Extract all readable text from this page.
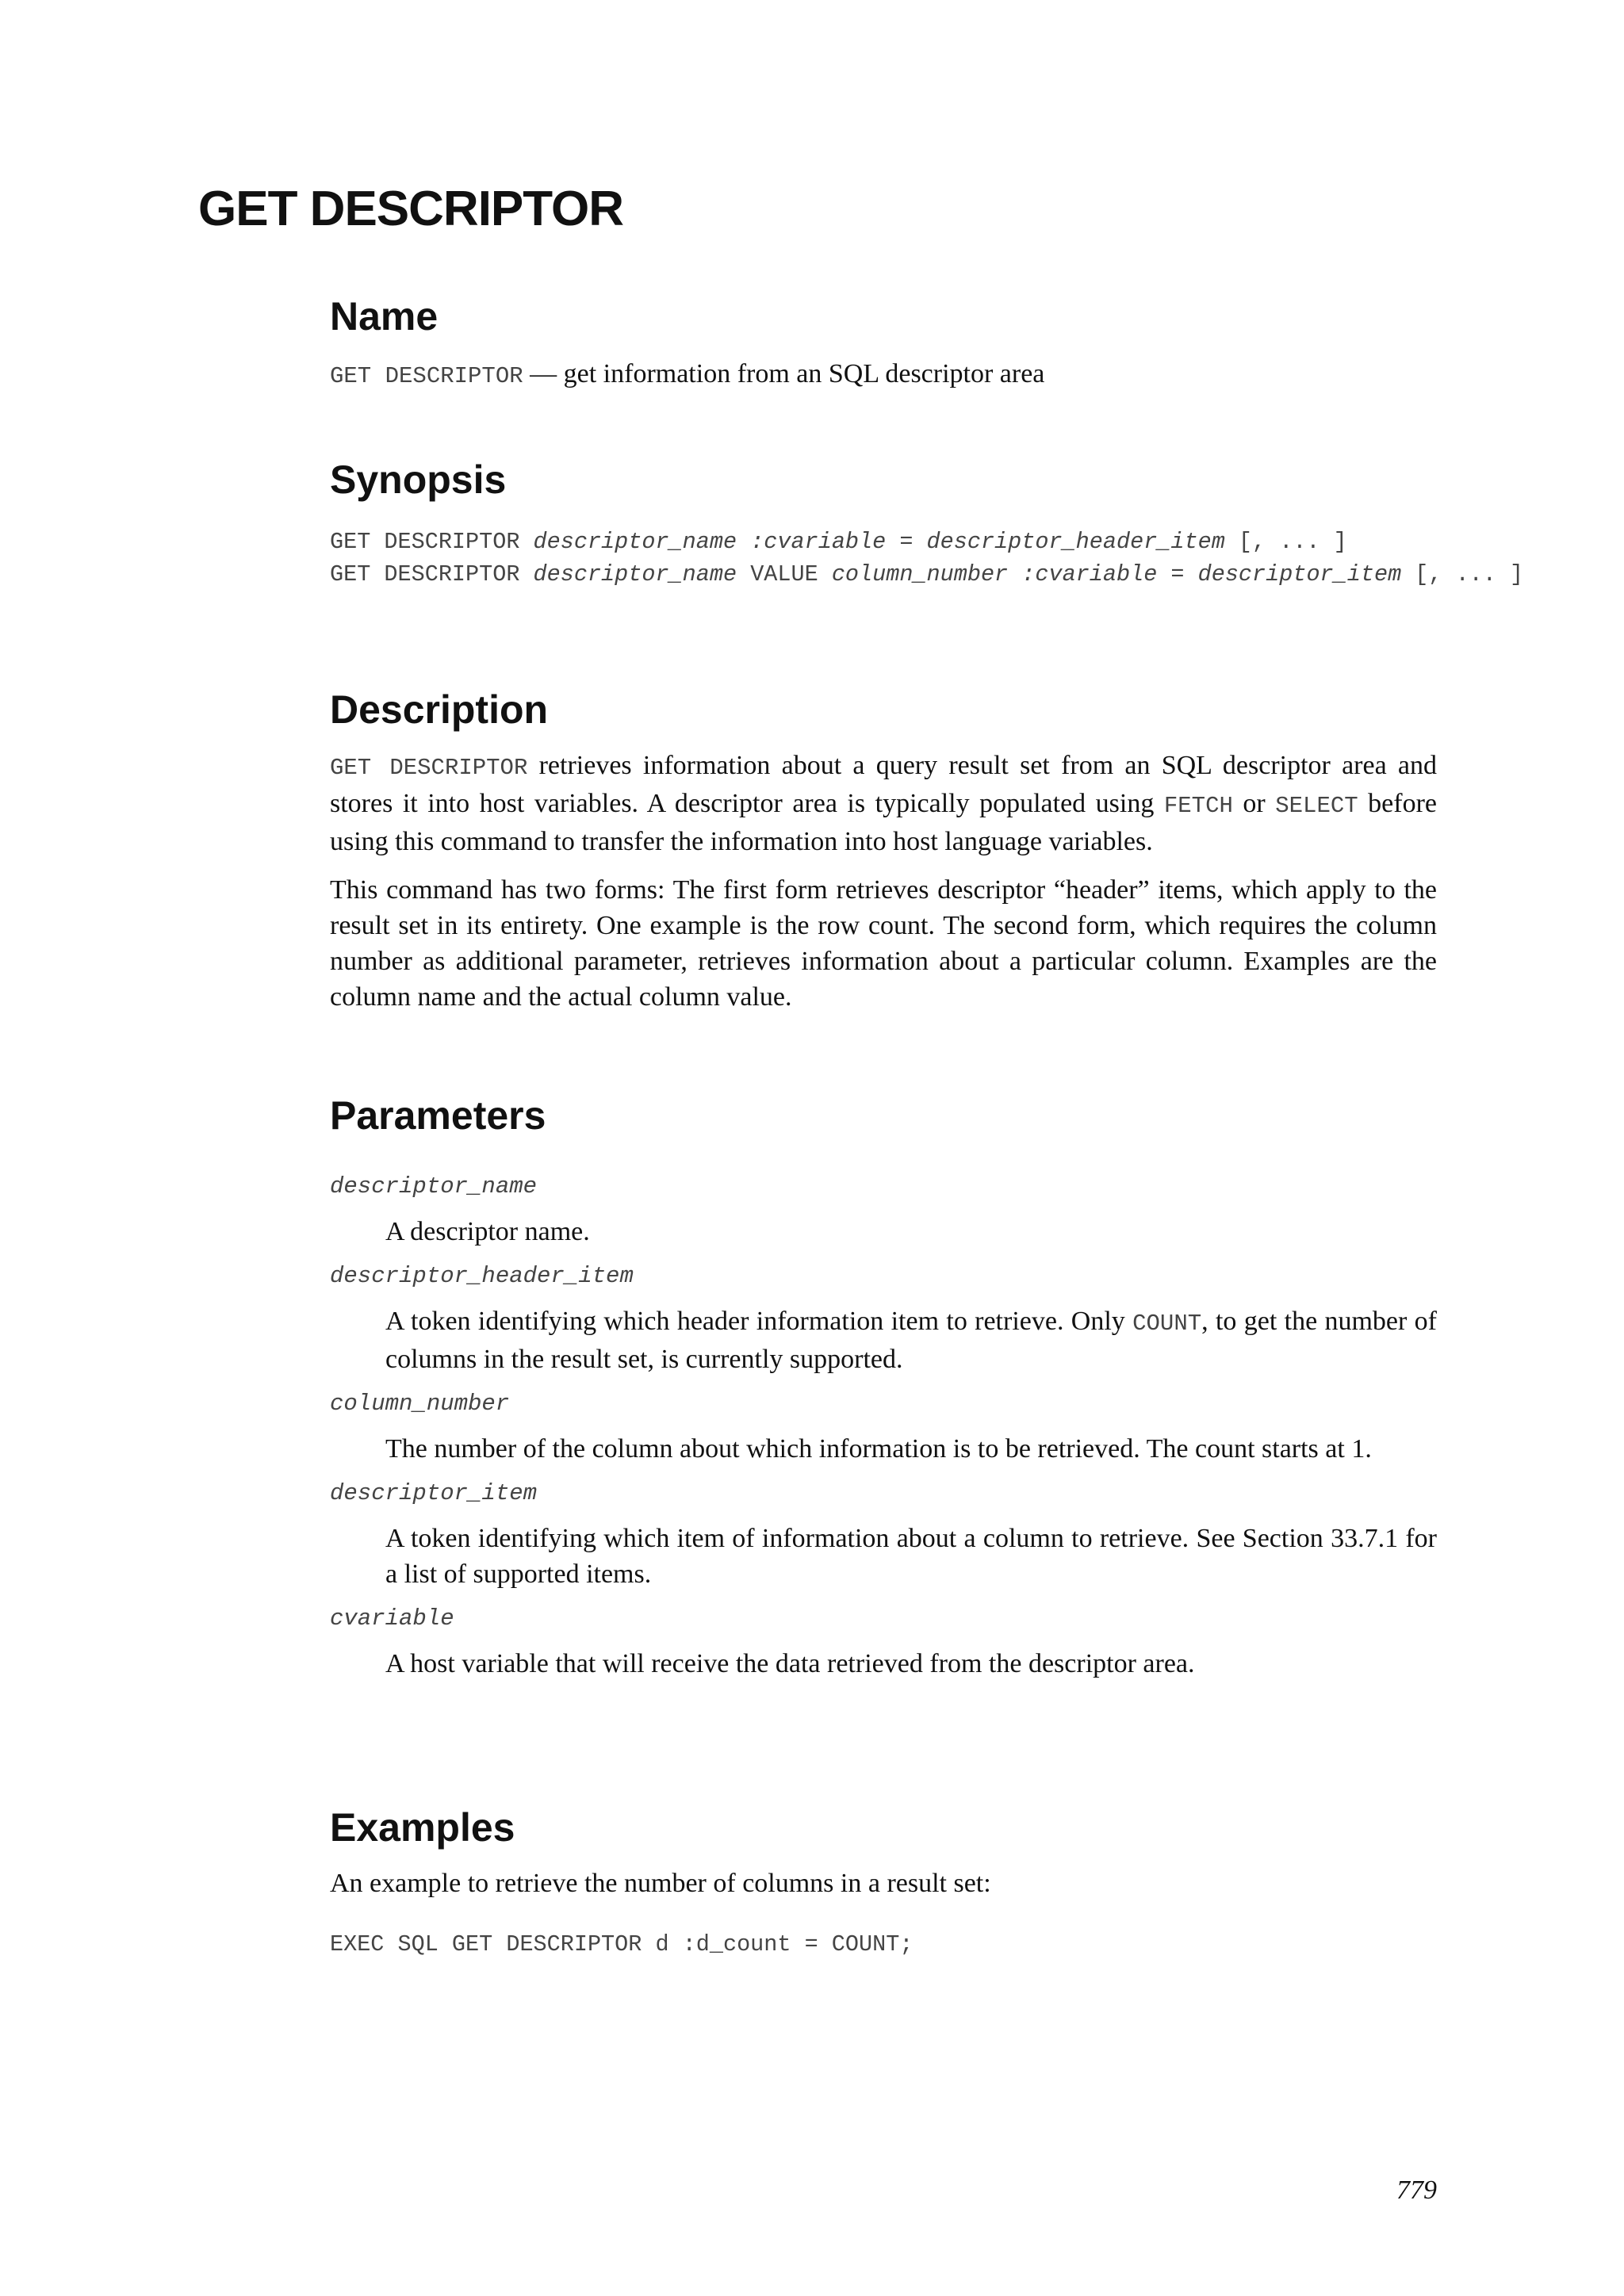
GET DESCRIPTOR
Name

GET DESCRIPTOR — get information from an SQL descriptor area

Synopsis

GET DESCRIPTOR descriptor_name :cvariable = descriptor_header_item [, ... ]

GET DESCRIPTOR descriptor_name VALUE column_number :cvariable = descriptor_item [, ... ]

Description

GET DESCRIPTOR retrieves information about a query result set from an SQL descriptor area and stores it into host variables. A descriptor area is typically populated using FETCH or SELECT before using this command to transfer the information into host language variables.

This command has two forms: The first form retrieves descriptor “header” items, which apply to the result set in its entirety. One example is the row count. The second form, which requires the column number as additional parameter, retrieves information about a particular column. Examples are the column name and the actual column value.

Parameters

descriptor_name

A descriptor name.

descriptor_header_item

A token identifying which header information item to retrieve. Only COUNT, to get the number of columns in the result set, is currently supported.

column_number

The number of the column about which information is to be retrieved. The count starts at 1.

descriptor_item

A token identifying which item of information about a column to retrieve. See Section 33.7.1 for a list of supported items.

cvariable

A host variable that will receive the data retrieved from the descriptor area.

Examples

An example to retrieve the number of columns in a result set:

EXEC SQL GET DESCRIPTOR d :d_count = COUNT;

779
